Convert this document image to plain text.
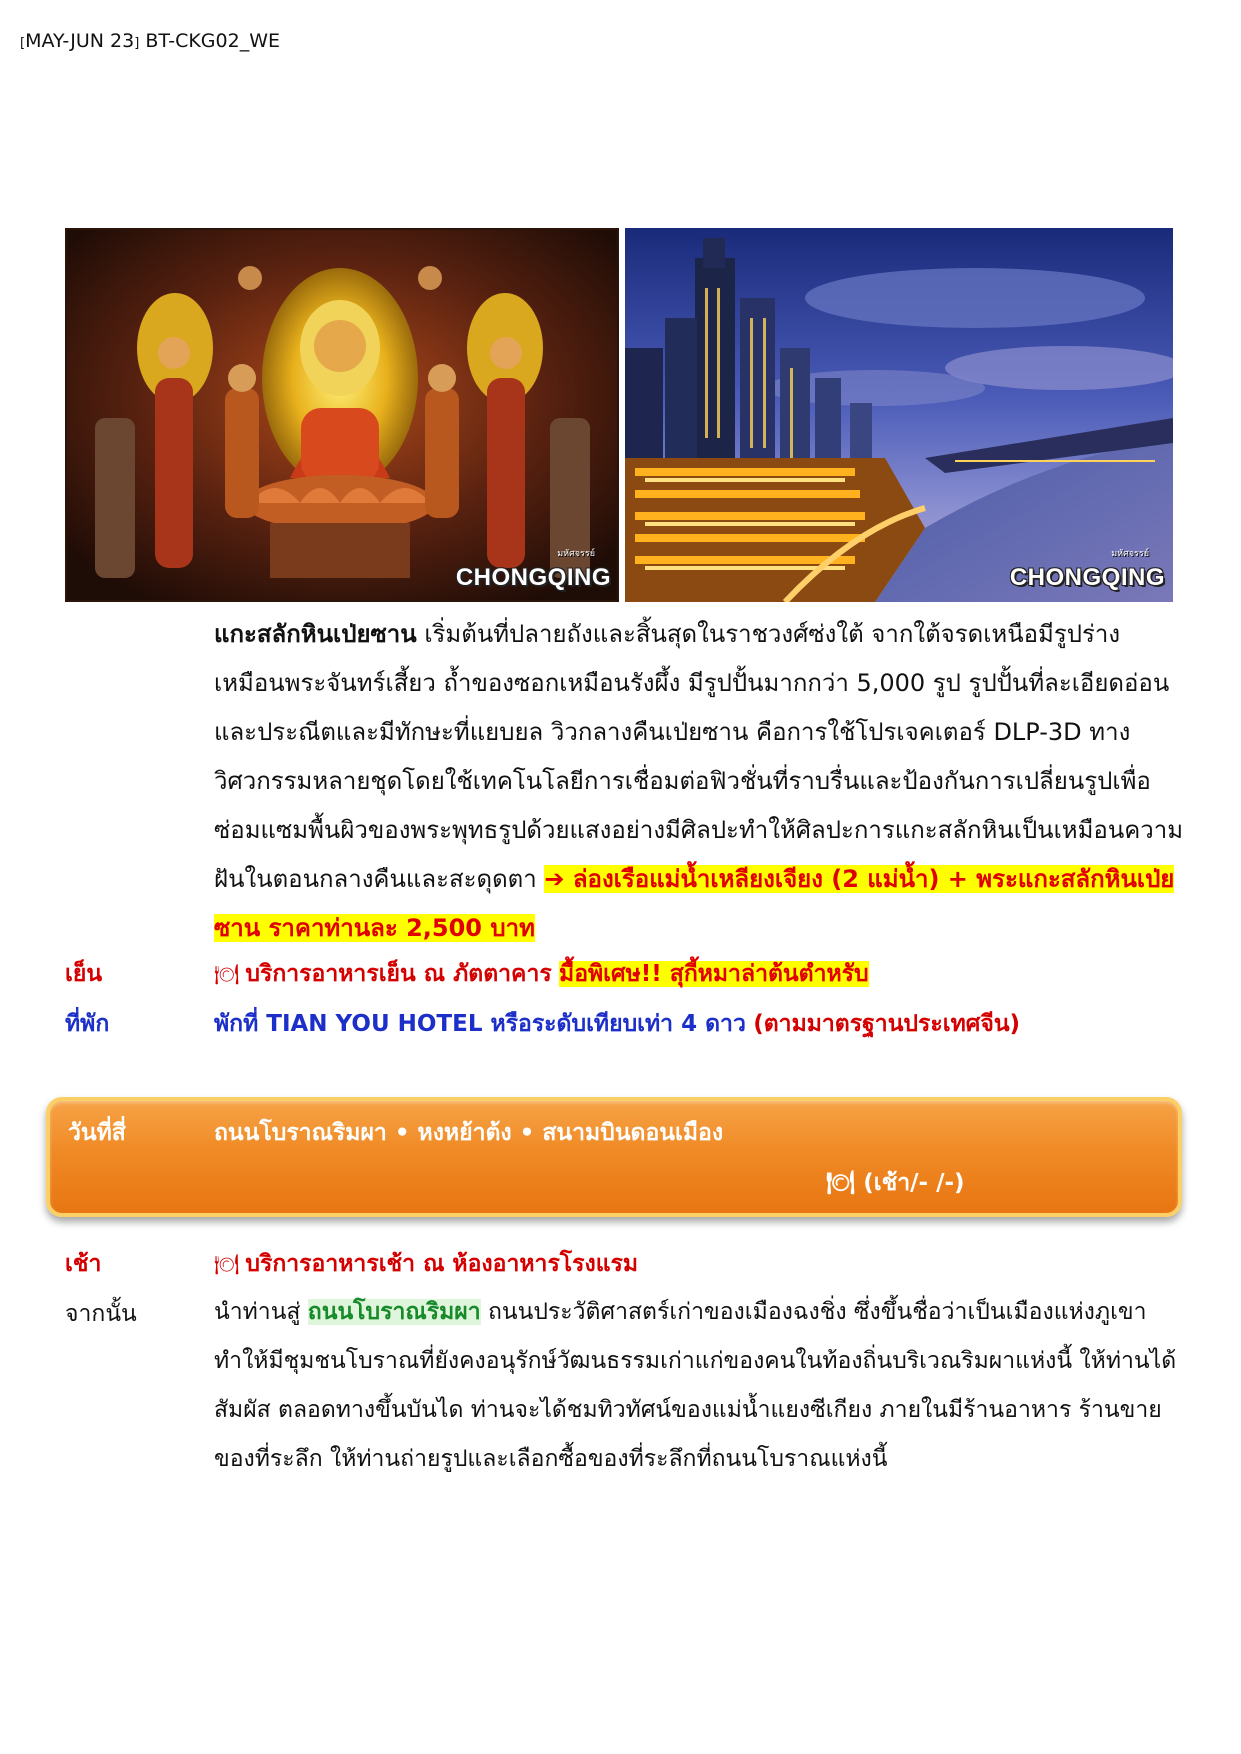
[MAY-JUN 23] BT-CKG02_WE
มหัศจรรย์
CHONGQING
มหัศจรรย์
CHONGQING
แกะสลักหินเป่ยซาน เริ่มต้นที่ปลายถังและสิ้นสุดในราชวงศ์ซ่งใต้ จากใต้จรดเหนือมีรูปร่างเหมือนพระจันทร์เสี้ยว ถ้ำของซอกเหมือนรังผึ้ง มีรูปปั้นมากกว่า 5,000 รูป รูปปั้นที่ละเอียดอ่อนและประณีตและมีทักษะที่แยบยล วิวกลางคืนเป่ยซาน คือการใช้โปรเจคเตอร์ DLP-3D ทางวิศวกรรมหลายชุดโดยใช้เทคโนโลยีการเชื่อมต่อฟิวชั่นที่ราบรื่นและป้องกันการเปลี่ยนรูปเพื่อซ่อมแซมพื้นผิวของพระพุทธรูปด้วยแสงอย่างมีศิลปะทำให้ศิลปะการแกะสลักหินเป็นเหมือนความฝันในตอนกลางคืนและสะดุดตา ➔ ล่องเรือแม่น้ำเหลียงเจียง (2 แม่น้ำ) + พระแกะสลักหินเป่ยซาน ราคาท่านละ 2,500 บาท
เย็น	🍽 บริการอาหารเย็น ณ ภัตตาคาร มื้อพิเศษ!! สุกี้หมาล่าต้นตำหรับ
ที่พัก	พักที่ TIAN YOU HOTEL หรือระดับเทียบเท่า 4 ดาว (ตามมาตรฐานประเทศจีน)
วันที่สี่	ถนนโบราณริมผา • หงหย้าต้ง • สนามบินดอนเมือง
🍽 (เช้า/- /-)
เช้า	🍽 บริการอาหารเช้า ณ ห้องอาหารโรงแรม
จากนั้น	นำท่านสู่ ถนนโบราณริมผา ถนนประวัติศาสตร์เก่าของเมืองฉงชิ่ง ซึ่งขึ้นชื่อว่าเป็นเมืองแห่งภูเขา ทำให้มีชุมชนโบราณที่ยังคงอนุรักษ์วัฒนธรรมเก่าแก่ของคนในท้องถิ่นบริเวณริมผาแห่งนี้ ให้ท่านได้สัมผัส ตลอดทางขึ้นบันได ท่านจะได้ชมทิวทัศน์ของแม่น้ำแยงซีเกียง ภายในมีร้านอาหาร ร้านขายของที่ระลึก ให้ท่านถ่ายรูปและเลือกซื้อของที่ระลึกที่ถนนโบราณแห่งนี้
